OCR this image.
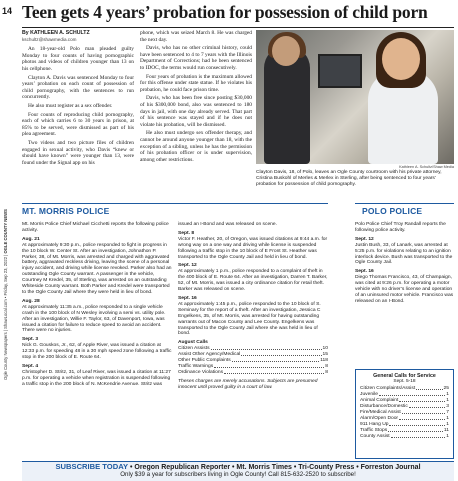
14
Ogle County Newspapers | ShawLocal.com • Friday, Sep 23, 2022 | OGLE COUNTY NEWS
Teen gets 4 years’ probation for possession of child porn

By KATHLEEN A. SCHULTZ

kschultz@shawmedia.com

An 18-year-old Polo man pleaded guilty Monday to four counts of having pornographic photos and videos of children younger than 13 on his cellphone.

Clayton A. Davis was sentenced Monday to four years’ probation on each count of possession of child pornography, with the sentences to run concurrently.

He also must register as a sex offender.

Four counts of reproducing child pornography, each of which carries 6 to 30 years in prison, at 85% to be served, were dismissed as part of his plea agreement.

Two videos and two picture files of children engaged in sexual activity, who Davis “knew or should have known” were younger than 13, were found under the Signal app on his

phone, which was seized March 8. He was charged the next day.

Davis, who has no other criminal history, could have been sentenced to 4 to 7 years with the Illinois Department of Corrections; had he been sentenced to IDOC, the terms would run consecutively.

Four years of probation is the maximum allowed for this offense under state statue. If he violates his probation, he could face prison time.

Davis, who has been free since posting $30,000 of his $300,000 bond, also was sentenced to 180 days in jail, with one day already served. That part of his sentence was stayed and if he does not violate his probation, will be dismissed.

He also must undergo sex offender therapy, and cannot be around anyone younger than 18, with the exception of a sibling, unless he has the permission of his probation officer or is under supervision, among other restrictions.

Kathleen A. Schultz/Shaw Media
Clayton Davis, 18, of Polo, leaves an Ogle County courtroom with his private attorney, Cristina Buskohl of Merles & Merlex in Sterling, after being sentenced to four years’ probation for possession of child pornography.
MT. MORRIS POLICE

Mt. Morris Police Chief Michael Cicchetti reports the following police activity.

Aug. 21

At approximately 9:30 p.m., police responded to fight in progress in the 10 block W. Center St. After an investigation, Johnathon P. Parker, 38, of Mt. Morris, was arrested and charged with aggravated battery, aggravated reckless driving, leaving the scene of a personal injury accident, and driving while license revoked. Parker also had an outstanding Ogle County warrant. A passenger in the vehicle, Courtney M Kredel, 35, of Sterling, was arrested on an outstanding Whiteside County warrant. Both Parker and Kredel were transported to the Ogle County Jail where they were held in lieu of bond.

Aug. 28

At approximately 11:35 a.m., police responded to a single vehicle crash in the 100 block of N Wesley involving a semi vs. utility pole. After an investigation, Willie F. Taylor, 63, of Davenport, Iowa, was issued a citation for failure to reduce speed to avoid an accident. There were no injuries.

Sept. 3

Nick G. Gouskos, Jr., 62, of Apple River, was issued a citation at 12:33 p.m. for speeding 48 in a 30 mph speed zone following a traffic stop in the 200 block of E. Route 64.

Sept. 4

Christopher D. Stritz, 31, of Leaf River, was issued a citation at 11:27 p.m. for operating a vehicle when registration is suspended following a traffic stop in the 200 block of N. McKendrie Avenue. Stritz was

issued an I-Bond and was released on scene.

Sept. 8

Victor F. Heather, 20, of Oregon, was issued citations at 9:44 a.m. for wrong way on a one way and driving while license is suspended following a traffic stop in the 10 block of E Front St. Heather was transported to the Ogle County Jail and held in lieu of bond.

Sept. 12

At approximately 1 p.m., police responded to a complaint of theft in the 400 block of E. Route 64. After an investigation, Darren T. Barker, 52, of Mt. Morris, was issued a city ordinance citation for retail theft. Barker was released on scene.

Sept. 16

At approximately 1:45 p.m., police responded to the 10 block of S. Seminary for the report of a theft. After an investigation, Jessica C Engelkens, 35, of Mt. Morris, was arrested for having outstanding warrants out of Macon County and Lee County. Engelkens was transported to the Ogle County Jail where she was held in lieu of bond.

August Calls

Citizen Assists	10
Assist Other Agency/Medical	15
Other Public Complaints	118
Traffic Warnings	8
Ordinance Violations	8

Theses charges are merely accusations. Subjects are presumed innocent until proved guilty in a court of law.

POLO POLICE

Polo Police Chief Troy Randall reports the following police activity.

Sept. 12

Justin Bush, 33, of Lanark, was arrested at 5:25 p.m. for violations relating to an ignition interlock device. Bush was transported to the Ogle County Jail.

Sept. 16

Diego Thomas Francisco, 43, of Champaign, was cited at 9:26 p.m. for operating a motor vehicle with no driver’s license and operation of an uninsured motor vehicle. Francisco was released on an I-Bond.

General Calls for Service
Sept. 5-18
Citizen Complaints/Assist	25
Juvenile	1
Animal Complaint	1
Disturbance/Domestic	3
Fire/Medical Assist	7
Alarm/Open Door	1
911 Hang Up	1
Traffic Stops	11
County Assist	1
SUBSCRIBE TODAY • Oregon Republican Reporter • Mt. Morris Times • Tri-County Press • Forreston Journal
Only $39 a year for subscribers living in Ogle County! Call 815-632-2520 to subscribe!
